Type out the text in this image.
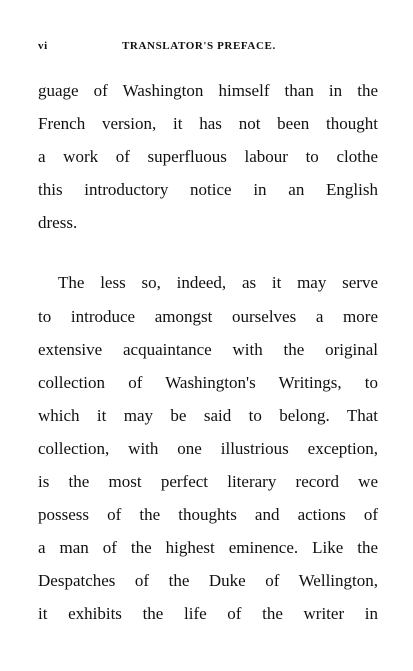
vi	TRANSLATOR'S PREFACE.
guage of Washington himself than in the
French version, it has not been thought
a work of superfluous labour to clothe
this introductory notice in an English
dress.
The less so, indeed, as it may serve
to introduce amongst ourselves a more
extensive acquaintance with the original
collection of Washington's Writings, to
which it may be said to belong. That
collection, with one illustrious exception,
is the most perfect literary record we
possess of the thoughts and actions of
a man of the highest eminence. Like the
Despatches of the Duke of Wellington,
it exhibits the life of the writer in
